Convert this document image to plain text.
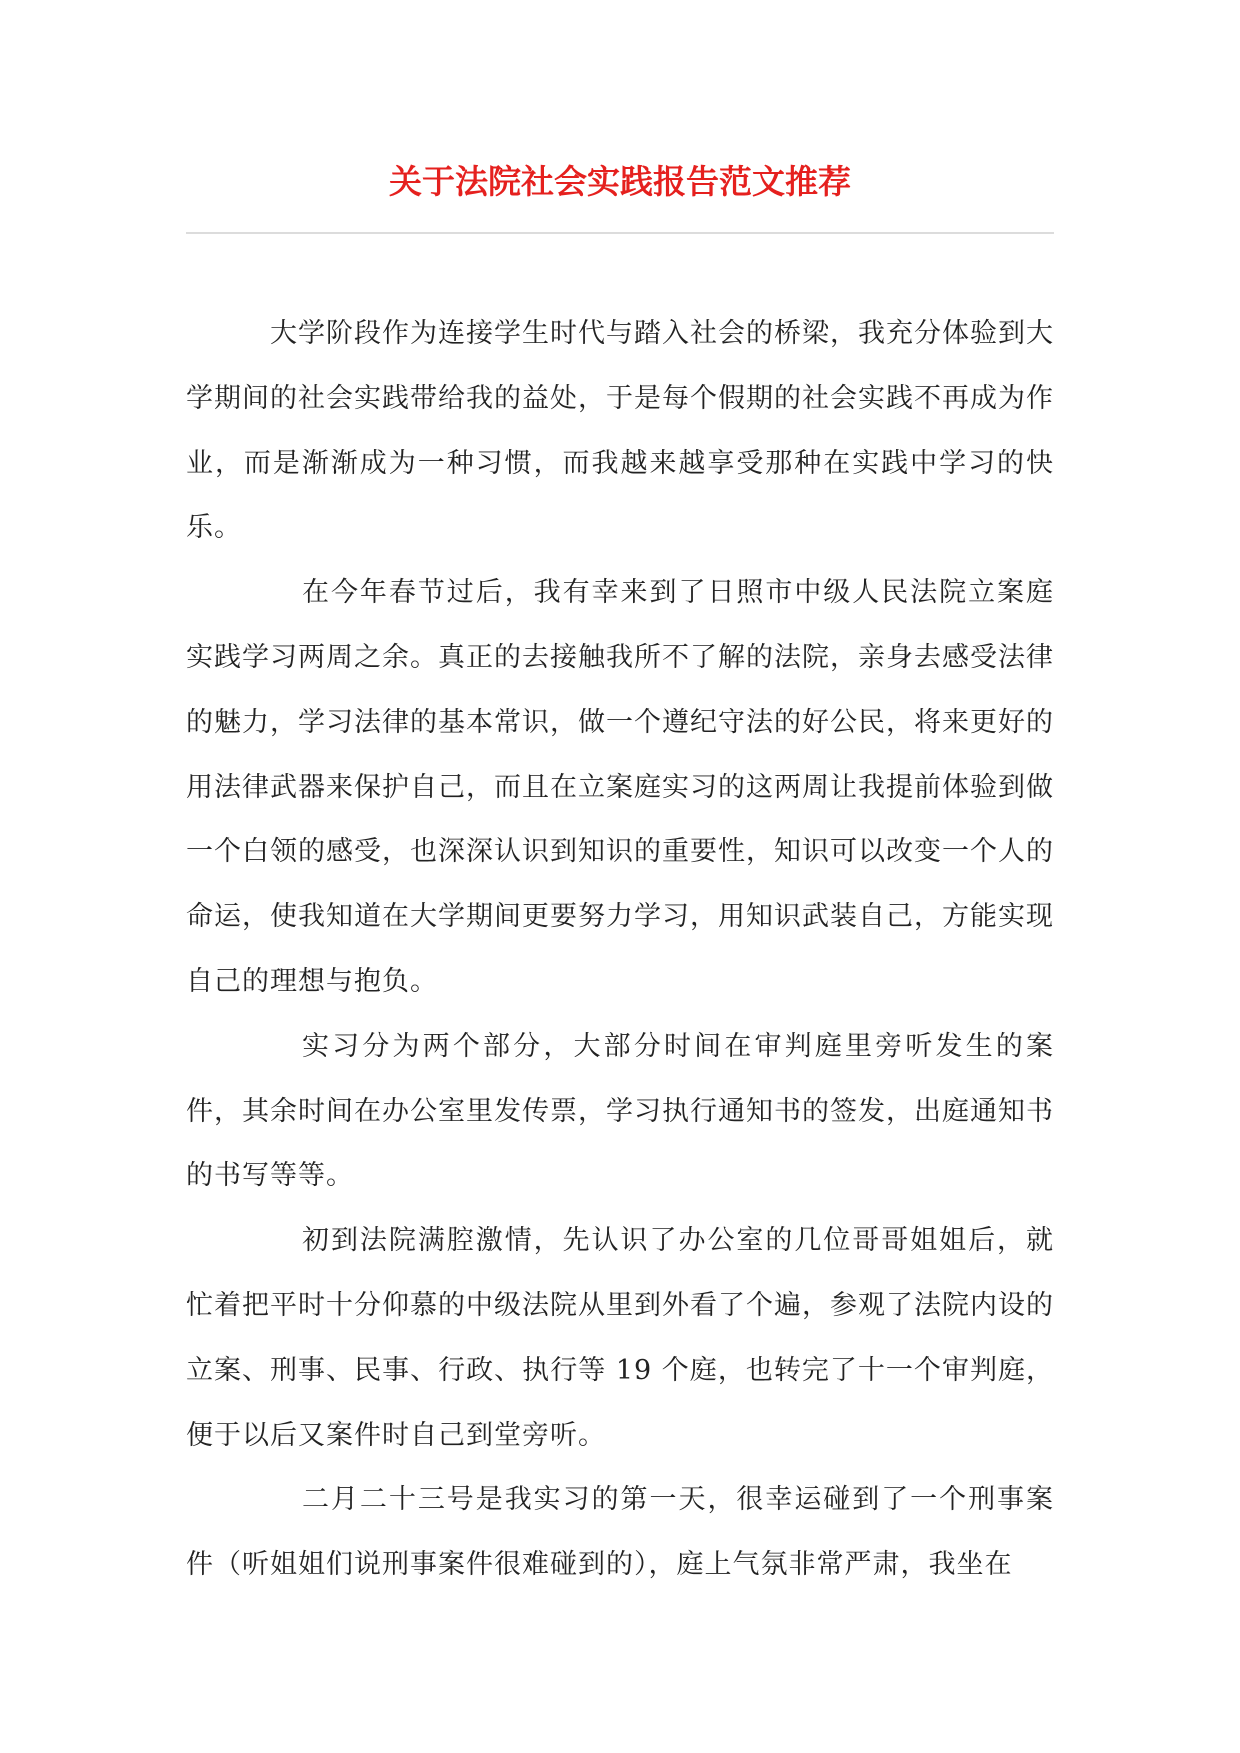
关于法院社会实践报告范文推荐

大学阶段作为连接学生时代与踏入社会的桥梁，我充分体验到大学期间的社会实践带给我的益处，于是每个假期的社会实践不再成为作业，而是渐渐成为一种习惯，而我越来越享受那种在实践中学习的快乐。

在今年春节过后，我有幸来到了日照市中级人民法院立案庭实践学习两周之余。真正的去接触我所不了解的法院，亲身去感受法律的魅力，学习法律的基本常识，做一个遵纪守法的好公民，将来更好的用法律武器来保护自己，而且在立案庭实习的这两周让我提前体验到做一个白领的感受，也深深认识到知识的重要性，知识可以改变一个人的命运，使我知道在大学期间更要努力学习，用知识武装自己，方能实现自己的理想与抱负。

实习分为两个部分，大部分时间在审判庭里旁听发生的案件，其余时间在办公室里发传票，学习执行通知书的签发，出庭通知书的书写等等。

初到法院满腔激情，先认识了办公室的几位哥哥姐姐后，就忙着把平时十分仰慕的中级法院从里到外看了个遍，参观了法院内设的立案、刑事、民事、行政、执行等 19 个庭，也转完了十一个审判庭，便于以后又案件时自己到堂旁听。

二月二十三号是我实习的第一天，很幸运碰到了一个刑事案件（听姐姐们说刑事案件很难碰到的），庭上气氛非常严肃，我坐在
